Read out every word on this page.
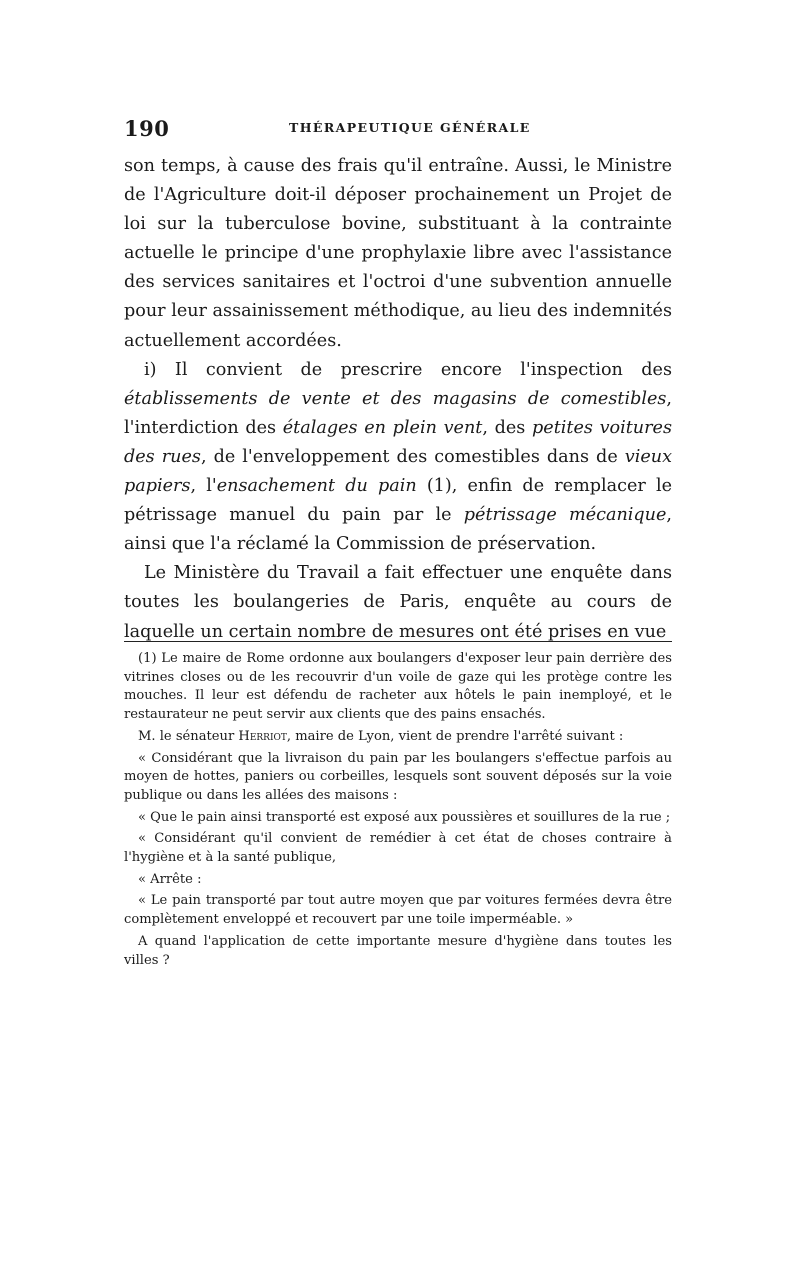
190	THÉRAPEUTIQUE GÉNÉRALE

son temps, à cause des frais qu'il entraîne. Aussi, le Ministre de l'Agriculture doit-il déposer prochainement un Projet de loi sur la tuberculose bovine, substituant à la contrainte actuelle le principe d'une prophylaxie libre avec l'assistance des services sanitaires et l'octroi d'une subvention annuelle pour leur assainissement méthodique, au lieu des indemnités actuellement accordées.

i) Il convient de prescrire encore l'inspection des établissements de vente et des magasins de comestibles, l'interdiction des étalages en plein vent, des petites voitures des rues, de l'enveloppement des comestibles dans de vieux papiers, l'ensachement du pain (1), enfin de remplacer le pétrissage manuel du pain par le pétrissage mécanique, ainsi que l'a réclamé la Commission de préservation.

Le Ministère du Travail a fait effectuer une enquête dans toutes les boulangeries de Paris, enquête au cours de laquelle un certain nombre de mesures ont été prises en vue

(1) Le maire de Rome ordonne aux boulangers d'exposer leur pain derrière des vitrines closes ou de les recouvrir d'un voile de gaze qui les protège contre les mouches. Il leur est défendu de racheter aux hôtels le pain inemployé, et le restaurateur ne peut servir aux clients que des pains ensachés.

M. le sénateur Herriot, maire de Lyon, vient de prendre l'arrêté suivant :

« Considérant que la livraison du pain par les boulangers s'effectue parfois au moyen de hottes, paniers ou corbeilles, lesquels sont souvent déposés sur la voie publique ou dans les allées des maisons :

« Que le pain ainsi transporté est exposé aux poussières et souillures de la rue ;

« Considérant qu'il convient de remédier à cet état de choses contraire à l'hygiène et à la santé publique,

« Arrête :

« Le pain transporté par tout autre moyen que par voitures fermées devra être complètement enveloppé et recouvert par une toile imperméable. »

A quand l'application de cette importante mesure d'hygiène dans toutes les villes ?
